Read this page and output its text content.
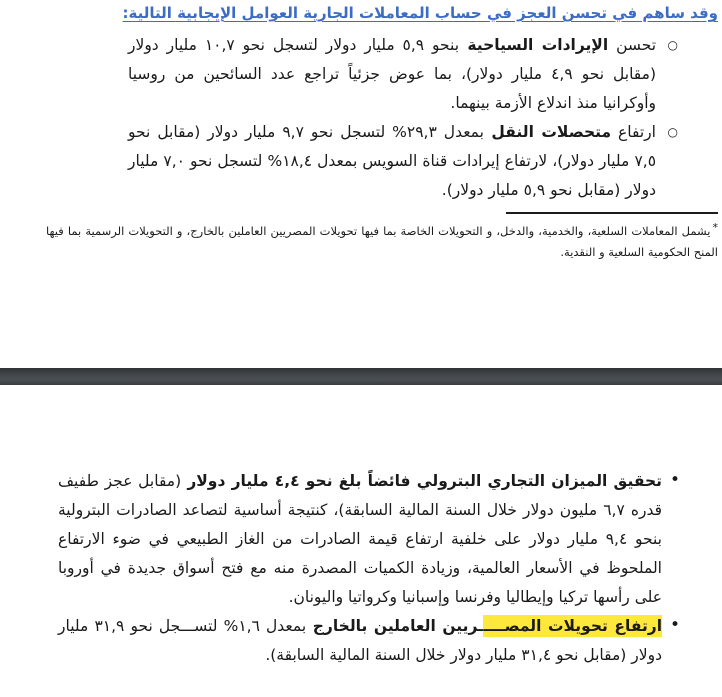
وقد ساهم في تحسن العجز في حساب المعاملات الجارية العوامل الإيجابية التالية:
○
تحسن الإيرادات السياحية بنحو ٥,٩ مليار دولار لتسجل نحو ١٠,٧ مليار دولار (مقابل نحو ٤,٩ مليار دولار)، بما عوض جزئياً تراجع عدد السائحين من روسيا وأوكرانيا منذ اندلاع الأزمة بينهما.
○
ارتفاع متحصلات النقل بمعدل ٢٩,٣% لتسجل نحو ٩,٧ مليار دولار (مقابل نحو ٧,٥ مليار دولار)، لارتفاع إيرادات قناة السويس بمعدل ١٨,٤% لتسجل نحو ٧,٠ مليار دولار (مقابل نحو ٥,٩ مليار دولار).
*يشمل المعاملات السلعية، والخدمية، والدخل، و التحويلات الخاصة بما فيها تحويلات المصريين العاملين بالخارج، و التحويلات الرسمية بما فيها المنح الحكومية السلعية و النقدية.
•
تحقيق الميزان التجاري البترولي فائضاً بلغ نحو ٤,٤ مليار دولار (مقابل عجز طفيف قدره ٦,٧ مليون دولار خلال السنة المالية السابقة)، كنتيجة أساسية لتصاعد الصادرات البترولية بنحو ٩,٤ مليار دولار على خلفية ارتفاع قيمة الصادرات من الغاز الطبيعي في ضوء الارتفاع الملحوظ في الأسعار العالمية، وزيادة الكميات المصدرة منه مع فتح أسواق جديدة في أوروبا على رأسها تركيا وإيطاليا وفرنسا وإسبانيا وكرواتيا واليونان.
•
ارتفاع تحويلات المصـــــريين العاملين بالخارج بمعدل ١,٦% لتســـجل نحو ٣١,٩ مليار دولار (مقابل نحو ٣١,٤ مليار دولار خلال السنة المالية السابقة).
